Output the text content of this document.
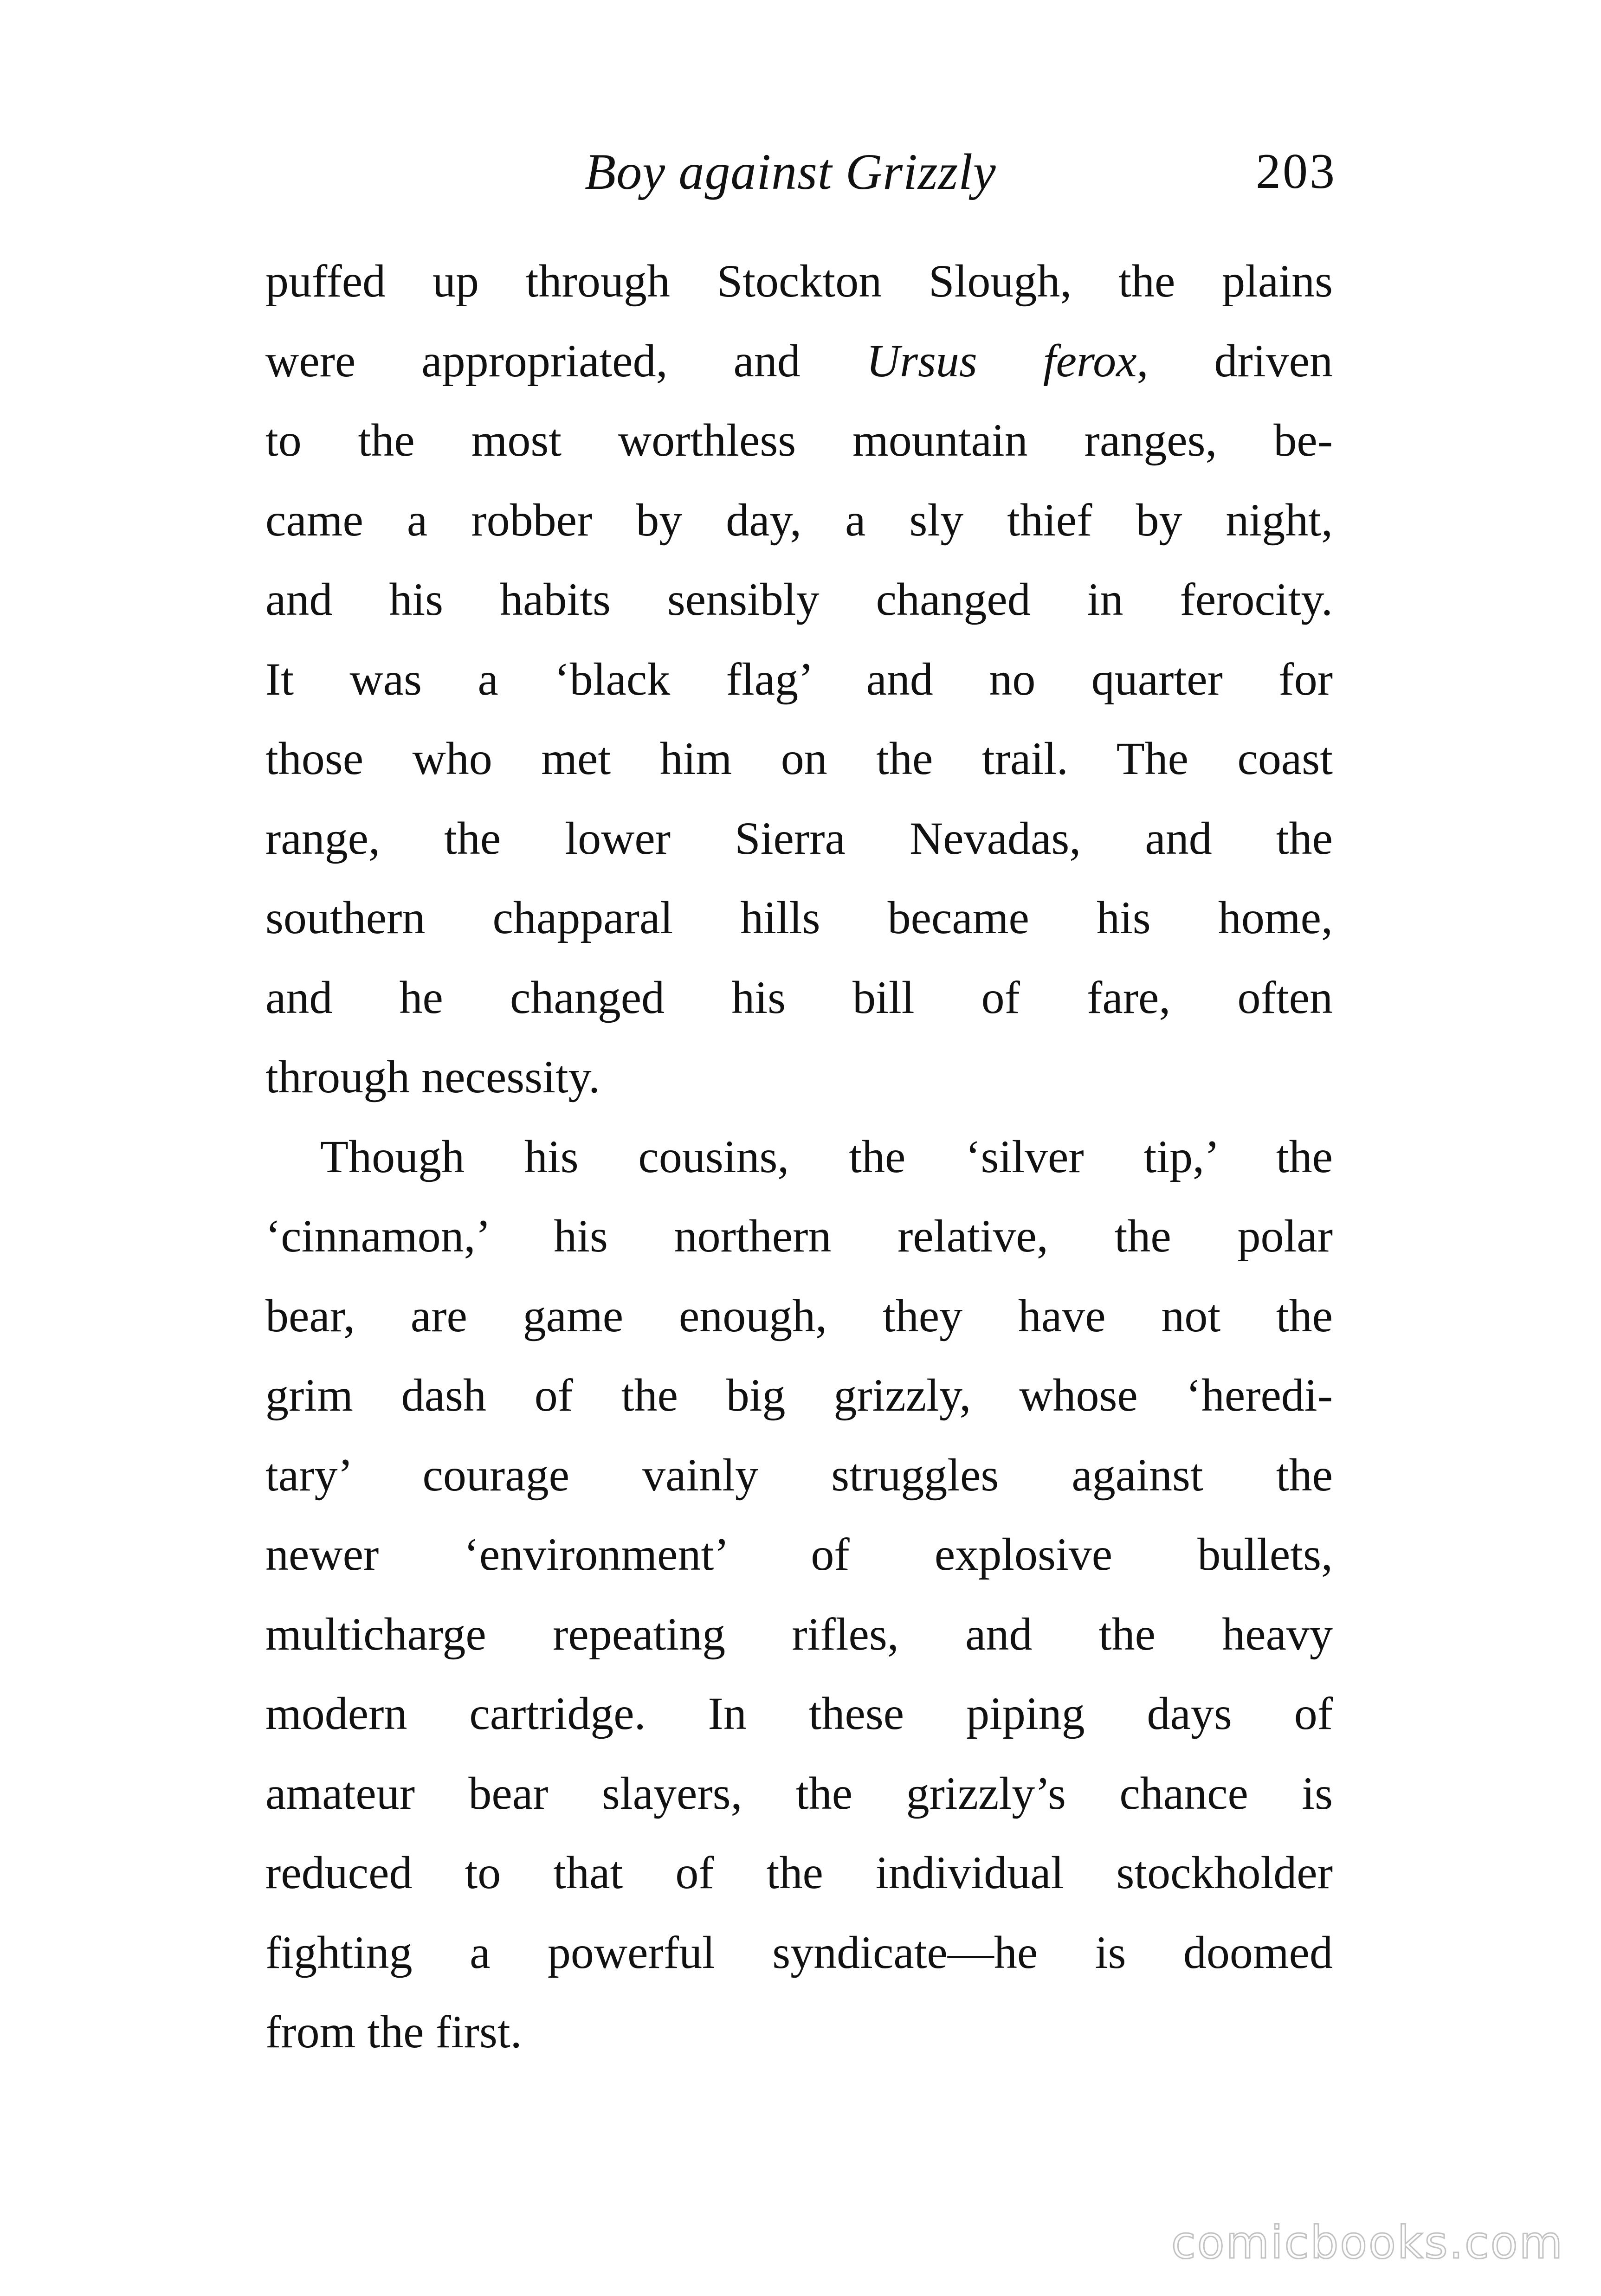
Boy against Grizzly	203
puffed up through Stockton Slough, the plains
were appropriated, and Ursus ferox, driven
to the most worthless mountain ranges, be-
came a robber by day, a sly thief by night,
and his habits sensibly changed in ferocity.
It was a ‘black flag’ and no quarter for
those who met him on the trail. The coast
range, the lower Sierra Nevadas, and the
southern chapparal hills became his home,
and he changed his bill of fare, often
through necessity.
Though his cousins, the ‘silver tip,’ the
‘cinnamon,’ his northern relative, the polar
bear, are game enough, they have not the
grim dash of the big grizzly, whose ‘heredi-
tary’ courage vainly struggles against the
newer ‘environment’ of explosive bullets,
multicharge repeating rifles, and the heavy
modern cartridge. In these piping days of
amateur bear slayers, the grizzly’s chance is
reduced to that of the individual stockholder
fighting a powerful syndicate—he is doomed
from the first.
comicbooks.com
